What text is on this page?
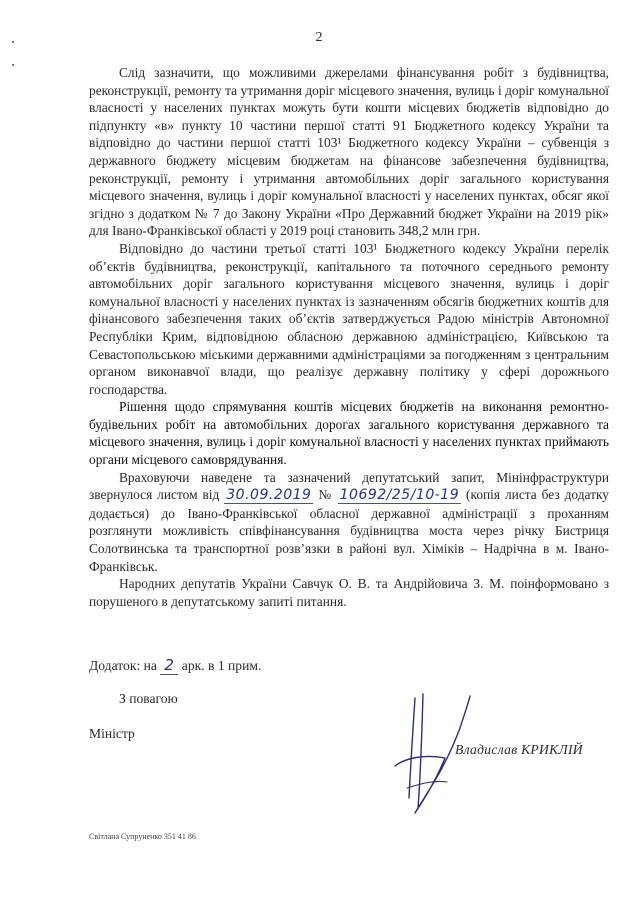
2

Слід зазначити, що можливими джерелами фінансування робіт з будівництва, реконструкції, ремонту та утримання доріг місцевого значення, вулиць і доріг комунальної власності у населених пунктах можуть бути кошти місцевих бюджетів відповідно до підпункту «в» пункту 10 частини першої статті 91 Бюджетного кодексу України та відповідно до частини першої статті 103¹ Бюджетного кодексу України – субвенція з державного бюджету місцевим бюджетам на фінансове забезпечення будівництва, реконструкції, ремонту і утримання автомобільних доріг загального користування місцевого значення, вулиць і доріг комунальної власності у населених пунктах, обсяг якої згідно з додатком № 7 до Закону України «Про Державний бюджет України на 2019 рік» для Івано-Франківської області у 2019 році становить 348,2 млн грн.

Відповідно до частини третьої статті 103¹ Бюджетного кодексу України перелік об’єктів будівництва, реконструкції, капітального та поточного середнього ремонту автомобільних доріг загального користування місцевого значення, вулиць і доріг комунальної власності у населених пунктах із зазначенням обсягів бюджетних коштів для фінансового забезпечення таких об’єктів затверджується Радою міністрів Автономної Республіки Крим, відповідною обласною державною адміністрацією, Київською та Севастопольською міськими державними адміністраціями за погодженням з центральним органом виконавчої влади, що реалізує державну політику у сфері дорожнього господарства.

Рішення щодо спрямування коштів місцевих бюджетів на виконання ремонтно-будівельних робіт на автомобільних дорогах загального користування державного та місцевого значення, вулиць і доріг комунальної власності у населених пунктах приймають органи місцевого самоврядування.

Враховуючи наведене та зазначений депутатський запит, Мінінфраструктури звернулося листом від 30.09.2019 № 10692/25/10-19 (копія листа без додатку додається) до Івано-Франківської обласної державної адміністрації з проханням розглянути можливість співфінансування будівництва моста через річку Бистриця Солотвинська та транспортної розв’язки в районі вул. Хіміків – Надрічна в м. Івано-Франківськ.

Народних депутатів України Савчук О. В. та Андрійовича З. М. поінформовано з порушеного в депутатському запиті питання.

Додаток: на 2 арк. в 1 прим.
З повагою
Міністр
Владислав КРИКЛІЙ
Світлана Супруненко 351 41 86
